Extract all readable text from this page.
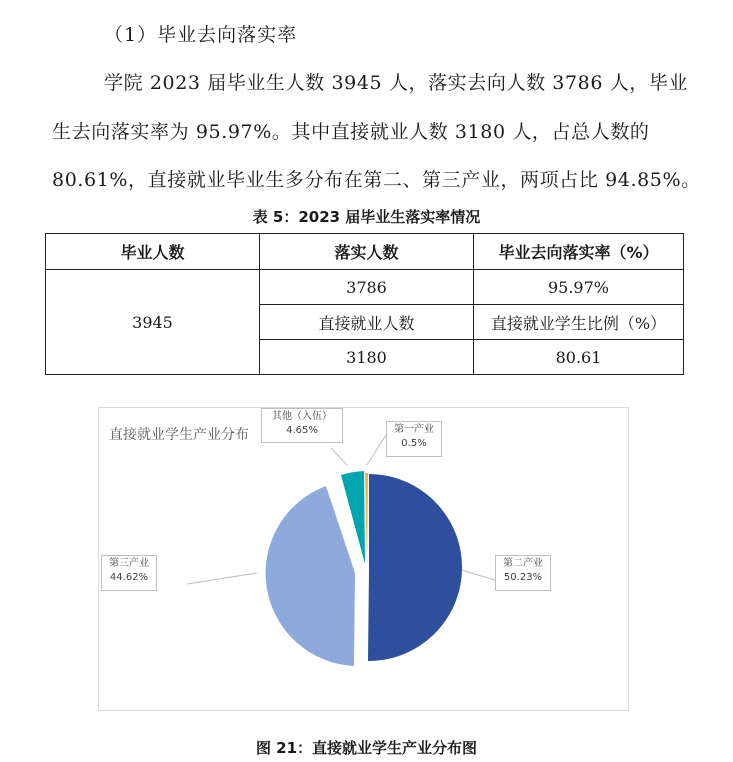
（1）毕业去向落实率
学院 2023 届毕业生人数 3945 人，落实去向人数 3786 人，毕业
生去向落实率为 95.97%。其中直接就业人数 3180 人，占总人数的
80.61%，直接就业毕业生多分布在第二、第三产业，两项占比 94.85%。
表 5：2023 届毕业生落实率情况
毕业人数	落实人数	毕业去向落实率（%）
3945	3786	95.97%
	直接就业人数	直接就业学生比例（%）
	3180	80.61
直接就业学生产业分布
其他（入伍）
4.65%	第一产业
0.5%
第二产业
50.23%
第三产业
44.62%
图 21：直接就业学生产业分布图
